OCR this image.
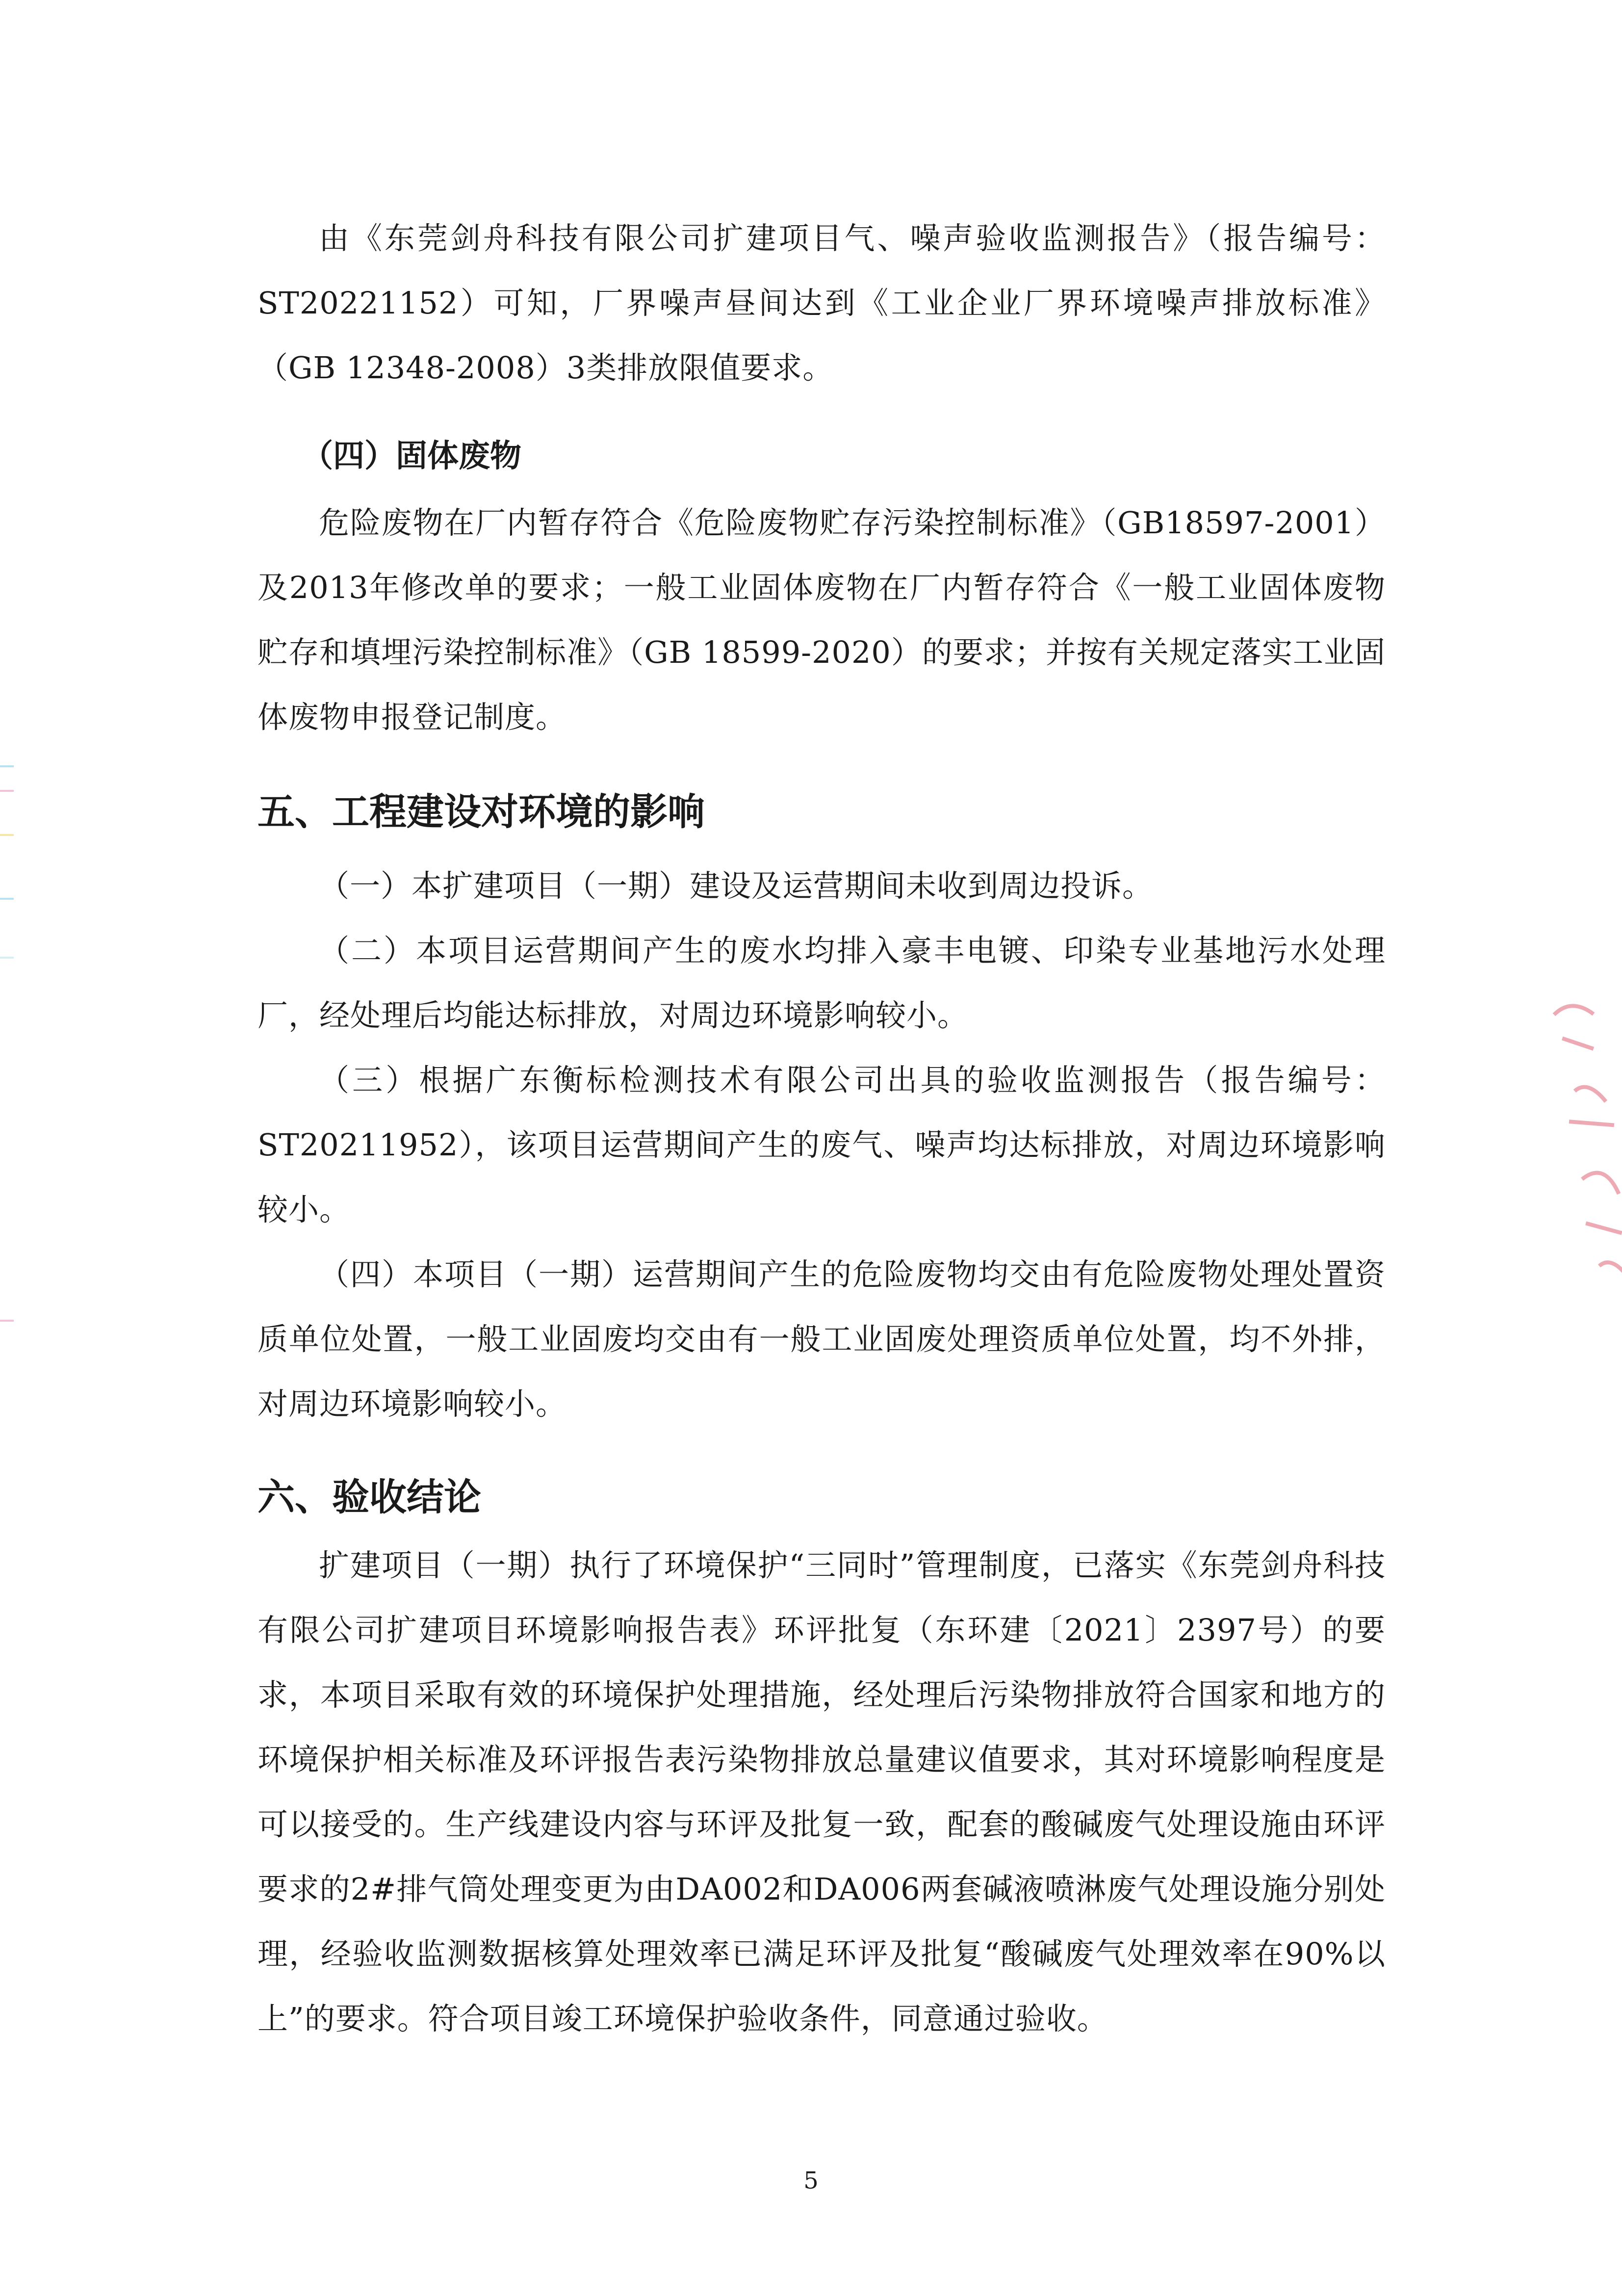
由《东莞剑舟科技有限公司扩建项目气、噪声验收监测报告》（报告编号：ST20221152）可知，厂界噪声昼间达到《工业企业厂界环境噪声排放标准》（GB 12348-2008）3类排放限值要求。

（四）固体废物

危险废物在厂内暂存符合《危险废物贮存污染控制标准》（GB18597-2001）及2013年修改单的要求；一般工业固体废物在厂内暂存符合《一般工业固体废物贮存和填埋污染控制标准》（GB 18599-2020）的要求；并按有关规定落实工业固体废物申报登记制度。

五、工程建设对环境的影响

（一）本扩建项目（一期）建设及运营期间未收到周边投诉。

（二）本项目运营期间产生的废水均排入豪丰电镀、印染专业基地污水处理厂，经处理后均能达标排放，对周边环境影响较小。

（三）根据广东衡标检测技术有限公司出具的验收监测报告（报告编号：ST20211952），该项目运营期间产生的废气、噪声均达标排放，对周边环境影响较小。

（四）本项目（一期）运营期间产生的危险废物均交由有危险废物处理处置资质单位处置，一般工业固废均交由有一般工业固废处理资质单位处置，均不外排，对周边环境影响较小。

六、验收结论

扩建项目（一期）执行了环境保护“三同时”管理制度，已落实《东莞剑舟科技有限公司扩建项目环境影响报告表》环评批复（东环建〔2021〕2397号）的要求，本项目采取有效的环境保护处理措施，经处理后污染物排放符合国家和地方的环境保护相关标准及环评报告表污染物排放总量建议值要求，其对环境影响程度是可以接受的。生产线建设内容与环评及批复一致，配套的酸碱废气处理设施由环评要求的2#排气筒处理变更为由DA002和DA006两套碱液喷淋废气处理设施分别处理，经验收监测数据核算处理效率已满足环评及批复“酸碱废气处理效率在90%以上”的要求。符合项目竣工环境保护验收条件，同意通过验收。

5
